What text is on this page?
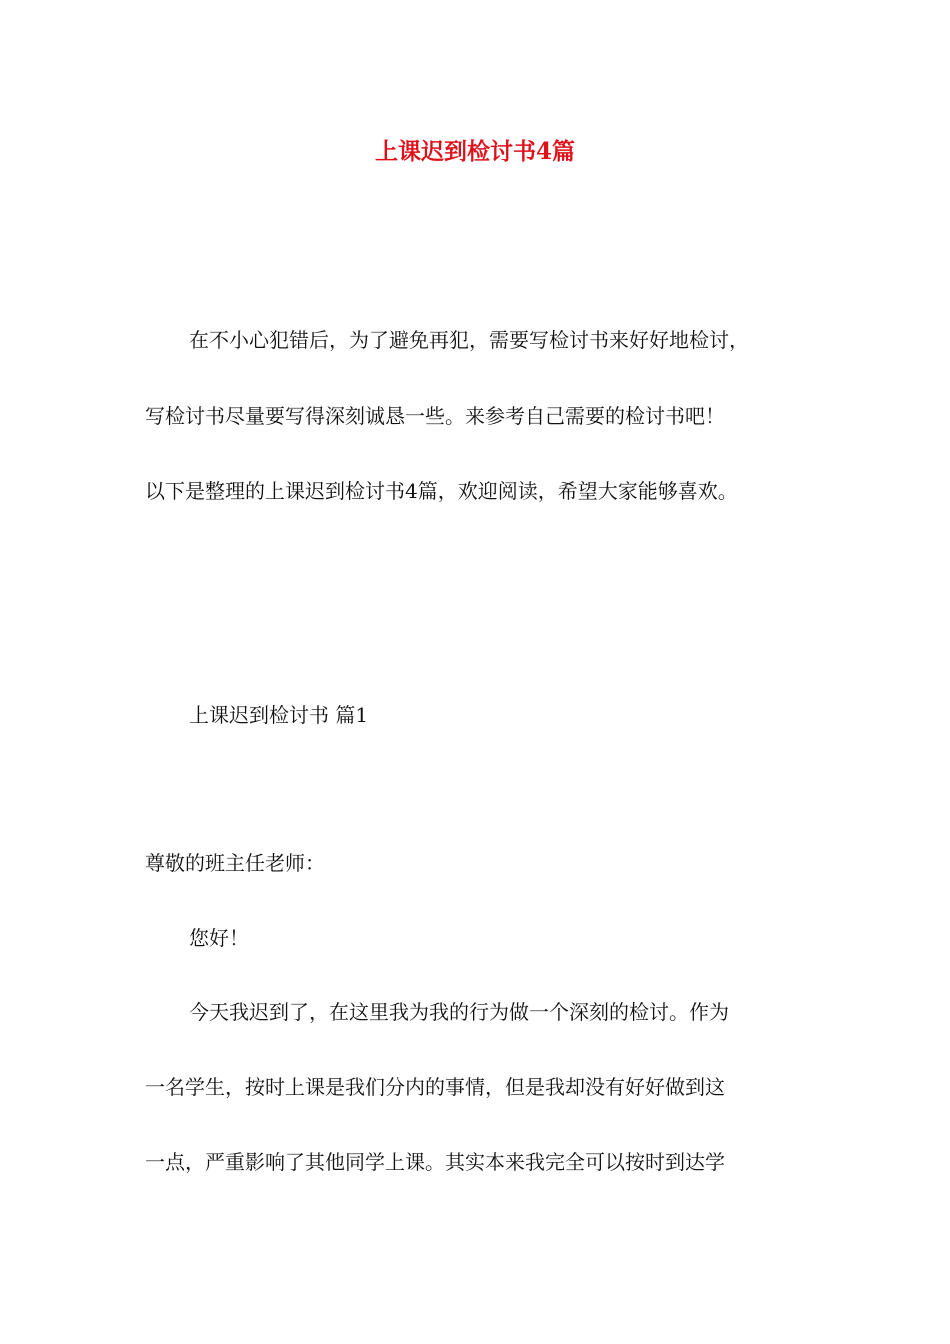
上课迟到检讨书4篇
在不小心犯错后，为了避免再犯，需要写检讨书来好好地检讨，
写检讨书尽量要写得深刻诚恳一些。来参考自己需要的检讨书吧！
以下是整理的上课迟到检讨书4篇，欢迎阅读，希望大家能够喜欢。
上课迟到检讨书 篇1
尊敬的班主任老师：
您好！
今天我迟到了，在这里我为我的行为做一个深刻的检讨。作为
一名学生，按时上课是我们分内的事情，但是我却没有好好做到这
一点，严重影响了其他同学上课。其实本来我完全可以按时到达学
